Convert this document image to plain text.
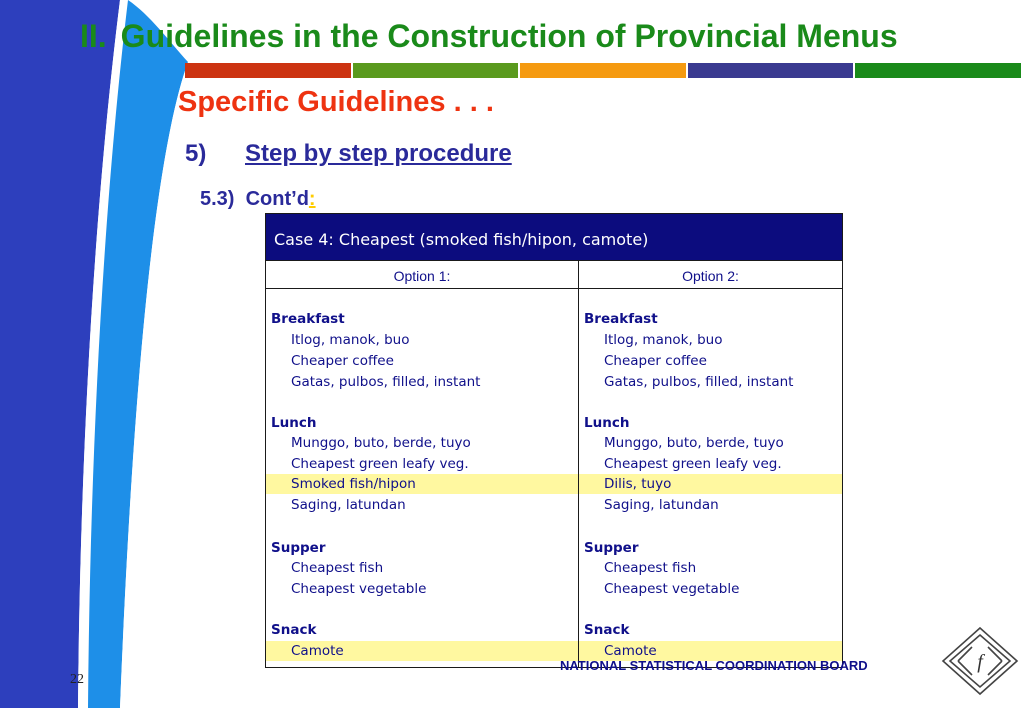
II. Guidelines in the Construction of Provincial Menus
Specific Guidelines . . .
5) Step by step procedure
5.3) Cont’d:
Case 4: Cheapest (smoked fish/hipon, camote)
Option 1:	Option 2:
Breakfast
Itlog, manok, buo
Cheaper coffee
Gatas, pulbos, filled, instant
Lunch
Munggo, buto, berde, tuyo
Cheapest green leafy veg.
Smoked fish/hipon
Saging, latundan
Supper
Cheapest fish
Cheapest vegetable
Snack
Camote
Breakfast
Itlog, manok, buo
Cheaper coffee
Gatas, pulbos, filled, instant
Lunch
Munggo, buto, berde, tuyo
Cheapest green leafy veg.
Dilis, tuyo
Saging, latundan
Supper
Cheapest fish
Cheapest vegetable
Snack
Camote
NATIONAL STATISTICAL COORDINATION BOARD	f
22
